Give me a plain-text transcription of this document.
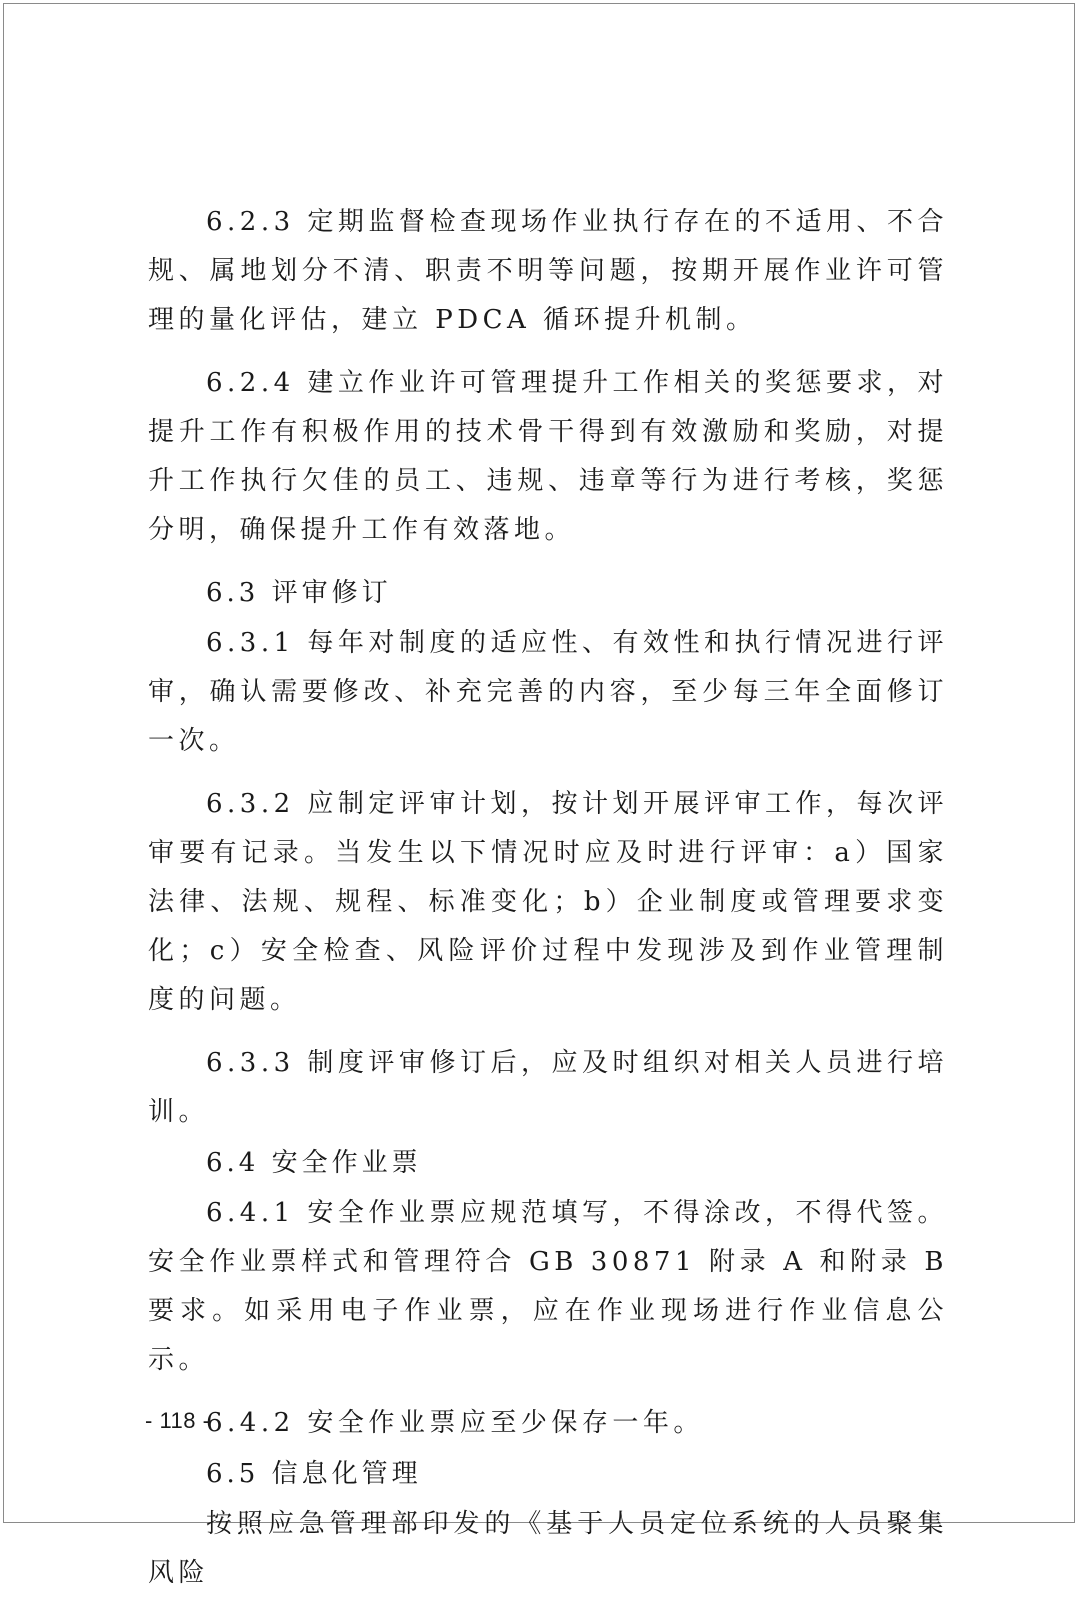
6.2.3 定期监督检查现场作业执行存在的不适用、不合规、属地划分不清、职责不明等问题，按期开展作业许可管理的量化评估，建立 PDCA 循环提升机制。

6.2.4 建立作业许可管理提升工作相关的奖惩要求，对提升工作有积极作用的技术骨干得到有效激励和奖励，对提升工作执行欠佳的员工、违规、违章等行为进行考核，奖惩分明，确保提升工作有效落地。

6.3 评审修订

6.3.1 每年对制度的适应性、有效性和执行情况进行评审，确认需要修改、补充完善的内容，至少每三年全面修订一次。

6.3.2 应制定评审计划，按计划开展评审工作，每次评审要有记录。当发生以下情况时应及时进行评审：a）国家法律、法规、规程、标准变化；b）企业制度或管理要求变化；c）安全检查、风险评价过程中发现涉及到作业管理制度的问题。

6.3.3 制度评审修订后，应及时组织对相关人员进行培训。

6.4 安全作业票

6.4.1 安全作业票应规范填写，不得涂改，不得代签。安全作业票样式和管理符合 GB 30871 附录 A 和附录 B 要求。如采用电子作业票，应在作业现场进行作业信息公示。

6.4.2 安全作业票应至少保存一年。

6.5 信息化管理

按照应急管理部印发的《基于人员定位系统的人员聚集风险

- 118 -
